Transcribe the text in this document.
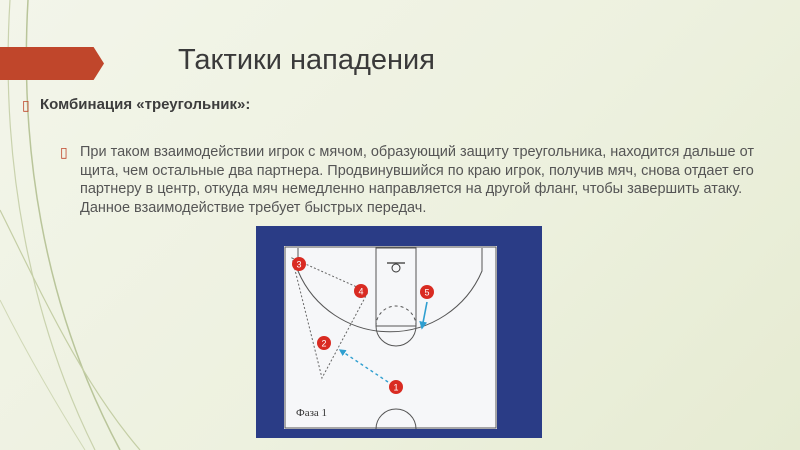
Тактики нападения
▯ Комбинация «треугольник»:
▯ При таком взаимодействии игрок с мячом, образующий защиту треугольника, находится дальше от щита, чем остальные два партнера. Продвинувшийся по краю игрок, получив мяч, снова отдает его партнеру в центр, откуда мяч немедленно направляется на другой фланг, чтобы завершить атаку. Данное взаимодействие требует быстрых передач.
3
4	5
2
1
Фаза 1
